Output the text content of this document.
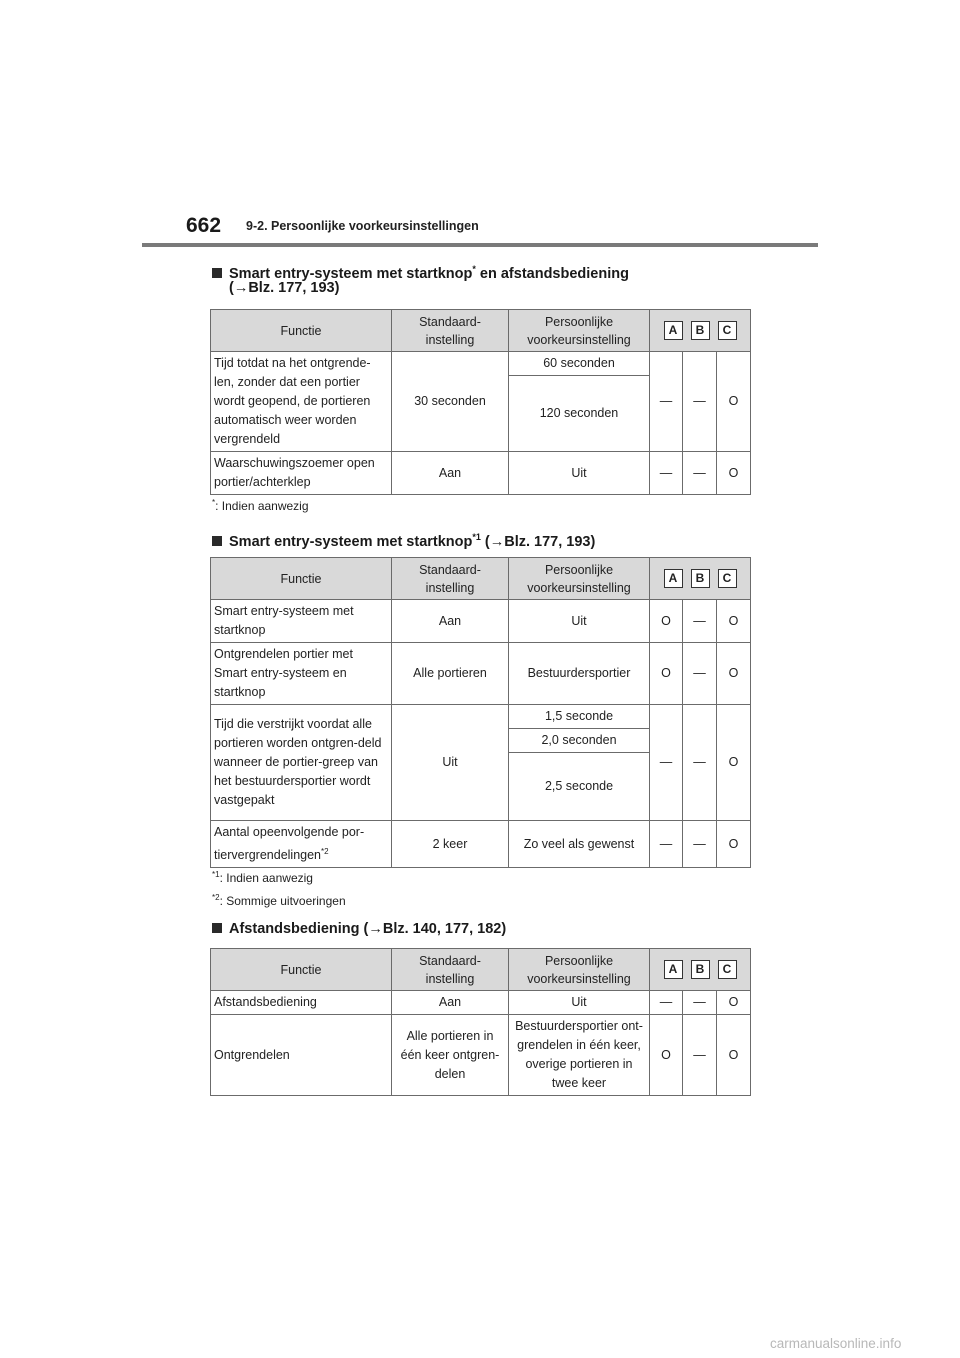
662 9-2. Persoonlijke voorkeursinstellingen
Smart entry-systeem met startknop* en afstandsbediening
(→Blz. 177, 193)
Functie	Standaard-instelling	Persoonlijke voorkeursinstelling	A B C		

Tijd totdat na het ontgrende-len, zonder dat een portier wordt geopend, de portieren automatisch weer worden vergrendeld	30 seconden	60 seconden	—	—	O
		120 seconden			
Waarschuwingszoemer open portier/achterklep	Aan	Uit	—	—	O
*: Indien aanwezig
Smart entry-systeem met startknop$^{*1}$ (→Blz. 177, 193)
Functie	Standaard-instelling	Persoonlijke voorkeursinstelling	A B C		

Smart entry-systeem met startknop	Aan	Uit	O	—	O
Ontgrendelen portier met Smart entry-systeem en startknop	Alle portieren	Bestuurdersportier	O	—	O
Tijd die verstrijkt voordat alle portieren worden ontgren-deld wanneer de portier-greep van het bestuurdersportier wordt vastgepakt	Uit	1,5 seconde	—	—	O
		2,0 seconden			
		2,5 seconde			
Aantal opeenvolgende por-tiervergrendelingen$^{*2}$	2 keer	Zo veel als gewenst	—	—	O
$^{*1}$: Indien aanwezig
$^{*2}$: Sommige uitvoeringen
Afstandsbediening (→Blz. 140, 177, 182)
Functie	Standaard-instelling	Persoonlijke voorkeursinstelling	A B C		

Afstandsbediening	Aan	Uit	—	—	O
Ontgrendelen	Alle portieren in één keer ontgren-delen	Bestuurdersportier ont-grendelen in één keer, overige portieren in twee keer	O	—	O
carmanualsonline.info
